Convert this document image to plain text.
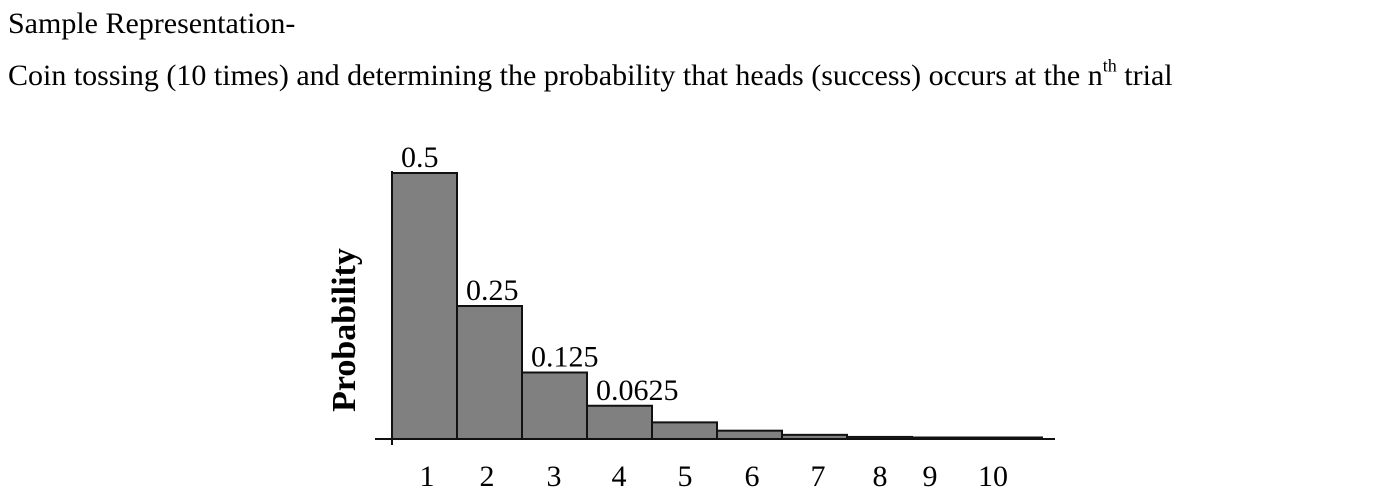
Sample Representation-
Coin tossing (10 times) and determining the probability that heads (success) occurs at the $n^{th}$ trial
0.5
0.25
0.125
0.0625
1 2 3 4 5 6 7 8 9 10
Probability
